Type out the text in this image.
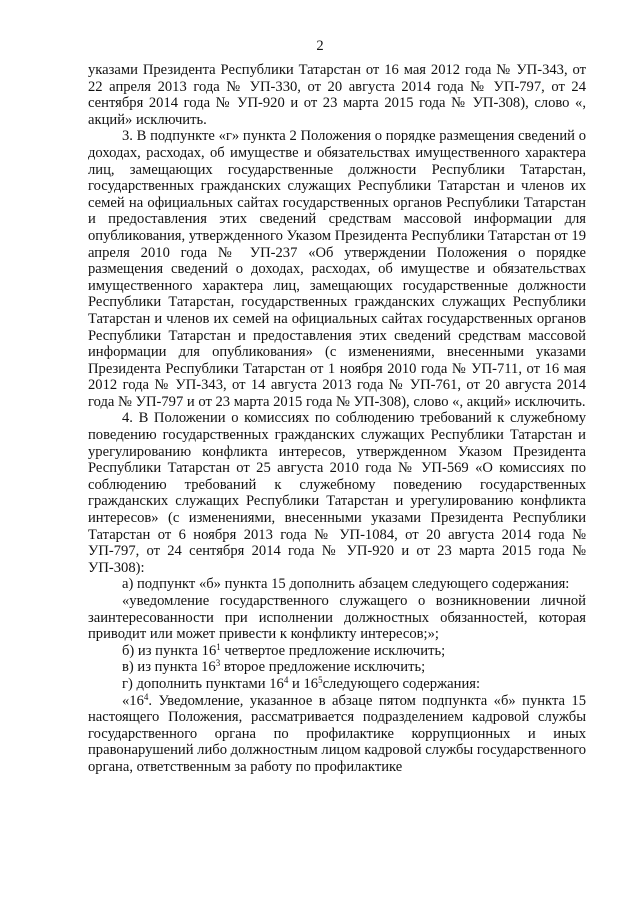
2

указами Президента Республики Татарстан от 16 мая 2012 года № УП-343, от 22 апреля 2013 года № УП-330, от 20 августа 2014 года № УП-797, от 24 сентября 2014 года № УП-920 и от 23 марта 2015 года № УП-308), слово «, акций» исключить.

3. В подпункте «г» пункта 2 Положения о порядке размещения сведений о доходах, расходах, об имуществе и обязательствах имущественного характера лиц, замещающих государственные должности Республики Татарстан, государственных гражданских служащих Республики Татарстан и членов их семей на официальных сайтах государственных органов Республики Татарстан и предоставления этих сведений средствам массовой информации для опубликования, утвержденного Указом Президента Республики Татарстан от 19 апреля 2010 года № УП-237 «Об утверждении Положения о порядке размещения сведений о доходах, расходах, об имуществе и обязательствах имущественного характера лиц, замещающих государственные должности Республики Татарстан, государственных гражданских служащих Республики Татарстан и членов их семей на официальных сайтах государственных органов Республики Татарстан и предоставления этих сведений средствам массовой информации для опубликования» (с изменениями, внесенными указами Президента Республики Татарстан от 1 ноября 2010 года № УП-711, от 16 мая 2012 года № УП-343, от 14 августа 2013 года № УП-761, от 20 августа 2014 года № УП-797 и от 23 марта 2015 года № УП-308), слово «, акций» исключить.

4. В Положении о комиссиях по соблюдению требований к служебному поведению государственных гражданских служащих Республики Татарстан и урегулированию конфликта интересов, утвержденном Указом Президента Республики Татарстан от 25 августа 2010 года № УП-569 «О комиссиях по соблюдению требований к служебному поведению государственных гражданских служащих Республики Татарстан и урегулированию конфликта интересов» (с изменениями, внесенными указами Президента Республики Татарстан от 6 ноября 2013 года № УП-1084, от 20 августа 2014 года № УП-797, от 24 сентября 2014 года № УП-920 и от 23 марта 2015 года № УП-308):

а) подпункт «б» пункта 15 дополнить абзацем следующего содержания:

«уведомление государственного служащего о возникновении личной заинтересованности при исполнении должностных обязанностей, которая приводит или может привести к конфликту интересов;»;

б) из пункта $16^1$ четвертое предложение исключить;

в) из пункта $16^3$ второе предложение исключить;

г) дополнить пунктами $16^4$ и $16^5следующего$ содержания:

«$16^4$. Уведомление, указанное в абзаце пятом подпункта «б» пункта 15 настоящего Положения, рассматривается подразделением кадровой службы государственного органа по профилактике коррупционных и иных правонарушений либо должностным лицом кадровой службы государственного органа, ответственным за работу по профилактике
